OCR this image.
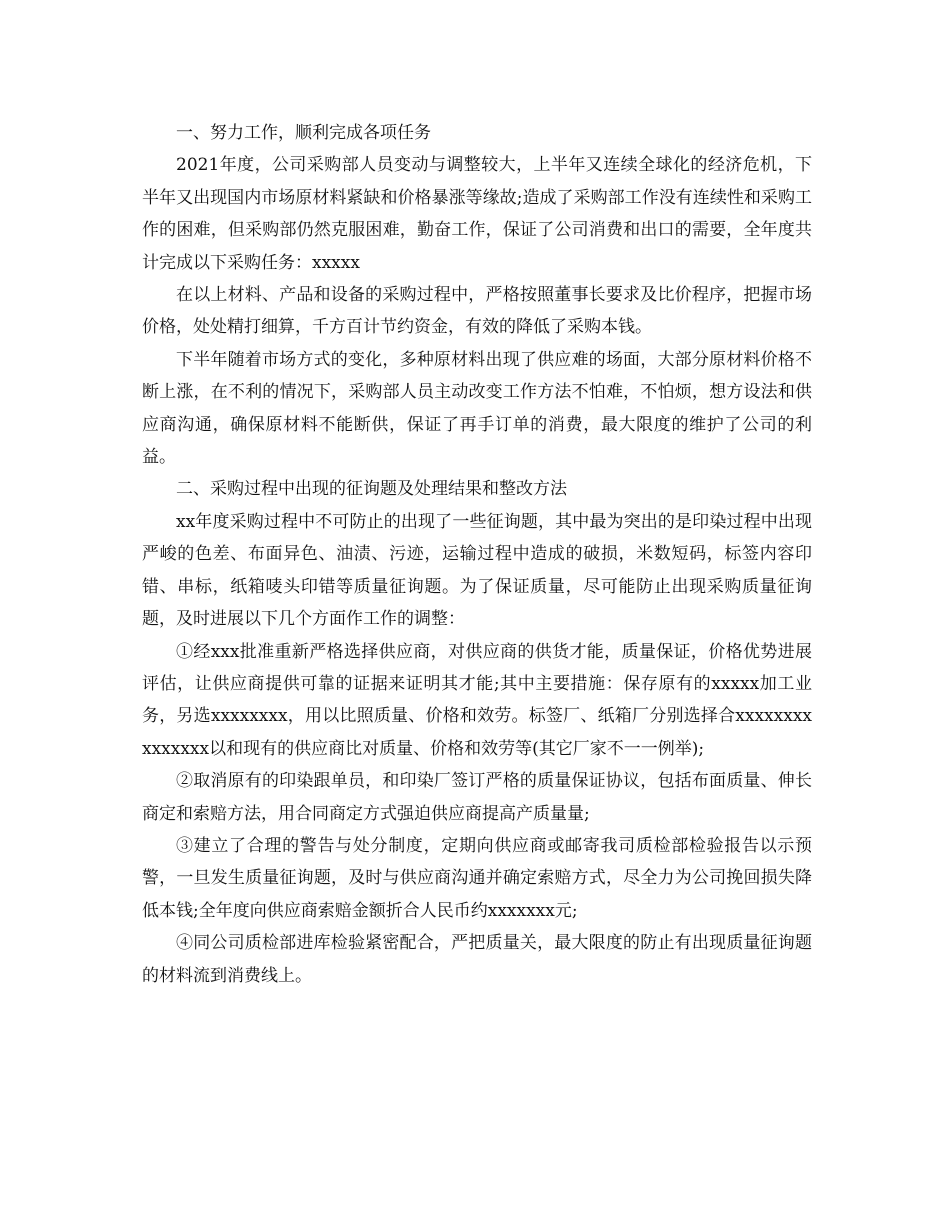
一、努力工作，顺利完成各项任务

2021年度，公司采购部人员变动与调整较大，上半年又连续全球化的经济危机，下半年又出现国内市场原材料紧缺和价格暴涨等缘故;造成了采购部工作没有连续性和采购工作的困难，但采购部仍然克服困难，勤奋工作，保证了公司消费和出口的需要，全年度共计完成以下采购任务：xxxxx

在以上材料、产品和设备的采购过程中，严格按照董事长要求及比价程序，把握市场价格，处处精打细算，千方百计节约资金，有效的降低了采购本钱。

下半年随着市场方式的变化，多种原材料出现了供应难的场面，大部分原材料价格不断上涨，在不利的情况下，采购部人员主动改变工作方法不怕难，不怕烦，想方设法和供应商沟通，确保原材料不能断供，保证了再手订单的消费，最大限度的维护了公司的利益。

二、采购过程中出现的征询题及处理结果和整改方法

xx年度采购过程中不可防止的出现了一些征询题，其中最为突出的是印染过程中出现严峻的色差、布面异色、油渍、污迹，运输过程中造成的破损，米数短码，标签内容印错、串标，纸箱唛头印错等质量征询题。为了保证质量，尽可能防止出现采购质量征询题，及时进展以下几个方面作工作的调整：

①经xxx批准重新严格选择供应商，对供应商的供货才能，质量保证，价格优势进展评估，让供应商提供可靠的证据来证明其才能;其中主要措施：保存原有的xxxxx加工业务，另选xxxxxxxx，用以比照质量、价格和效劳。标签厂、纸箱厂分别选择合xxxxxxxxxxxxxxx以和现有的供应商比对质量、价格和效劳等(其它厂家不一一例举);

②取消原有的印染跟单员，和印染厂签订严格的质量保证协议，包括布面质量、伸长商定和索赔方法，用合同商定方式强迫供应商提高产质量量;

③建立了合理的警告与处分制度，定期向供应商或邮寄我司质检部检验报告以示预警，一旦发生质量征询题，及时与供应商沟通并确定索赔方式，尽全力为公司挽回损失降低本钱;全年度向供应商索赔金额折合人民币约xxxxxxx元;

④同公司质检部进库检验紧密配合，严把质量关，最大限度的防止有出现质量征询题的材料流到消费线上。
